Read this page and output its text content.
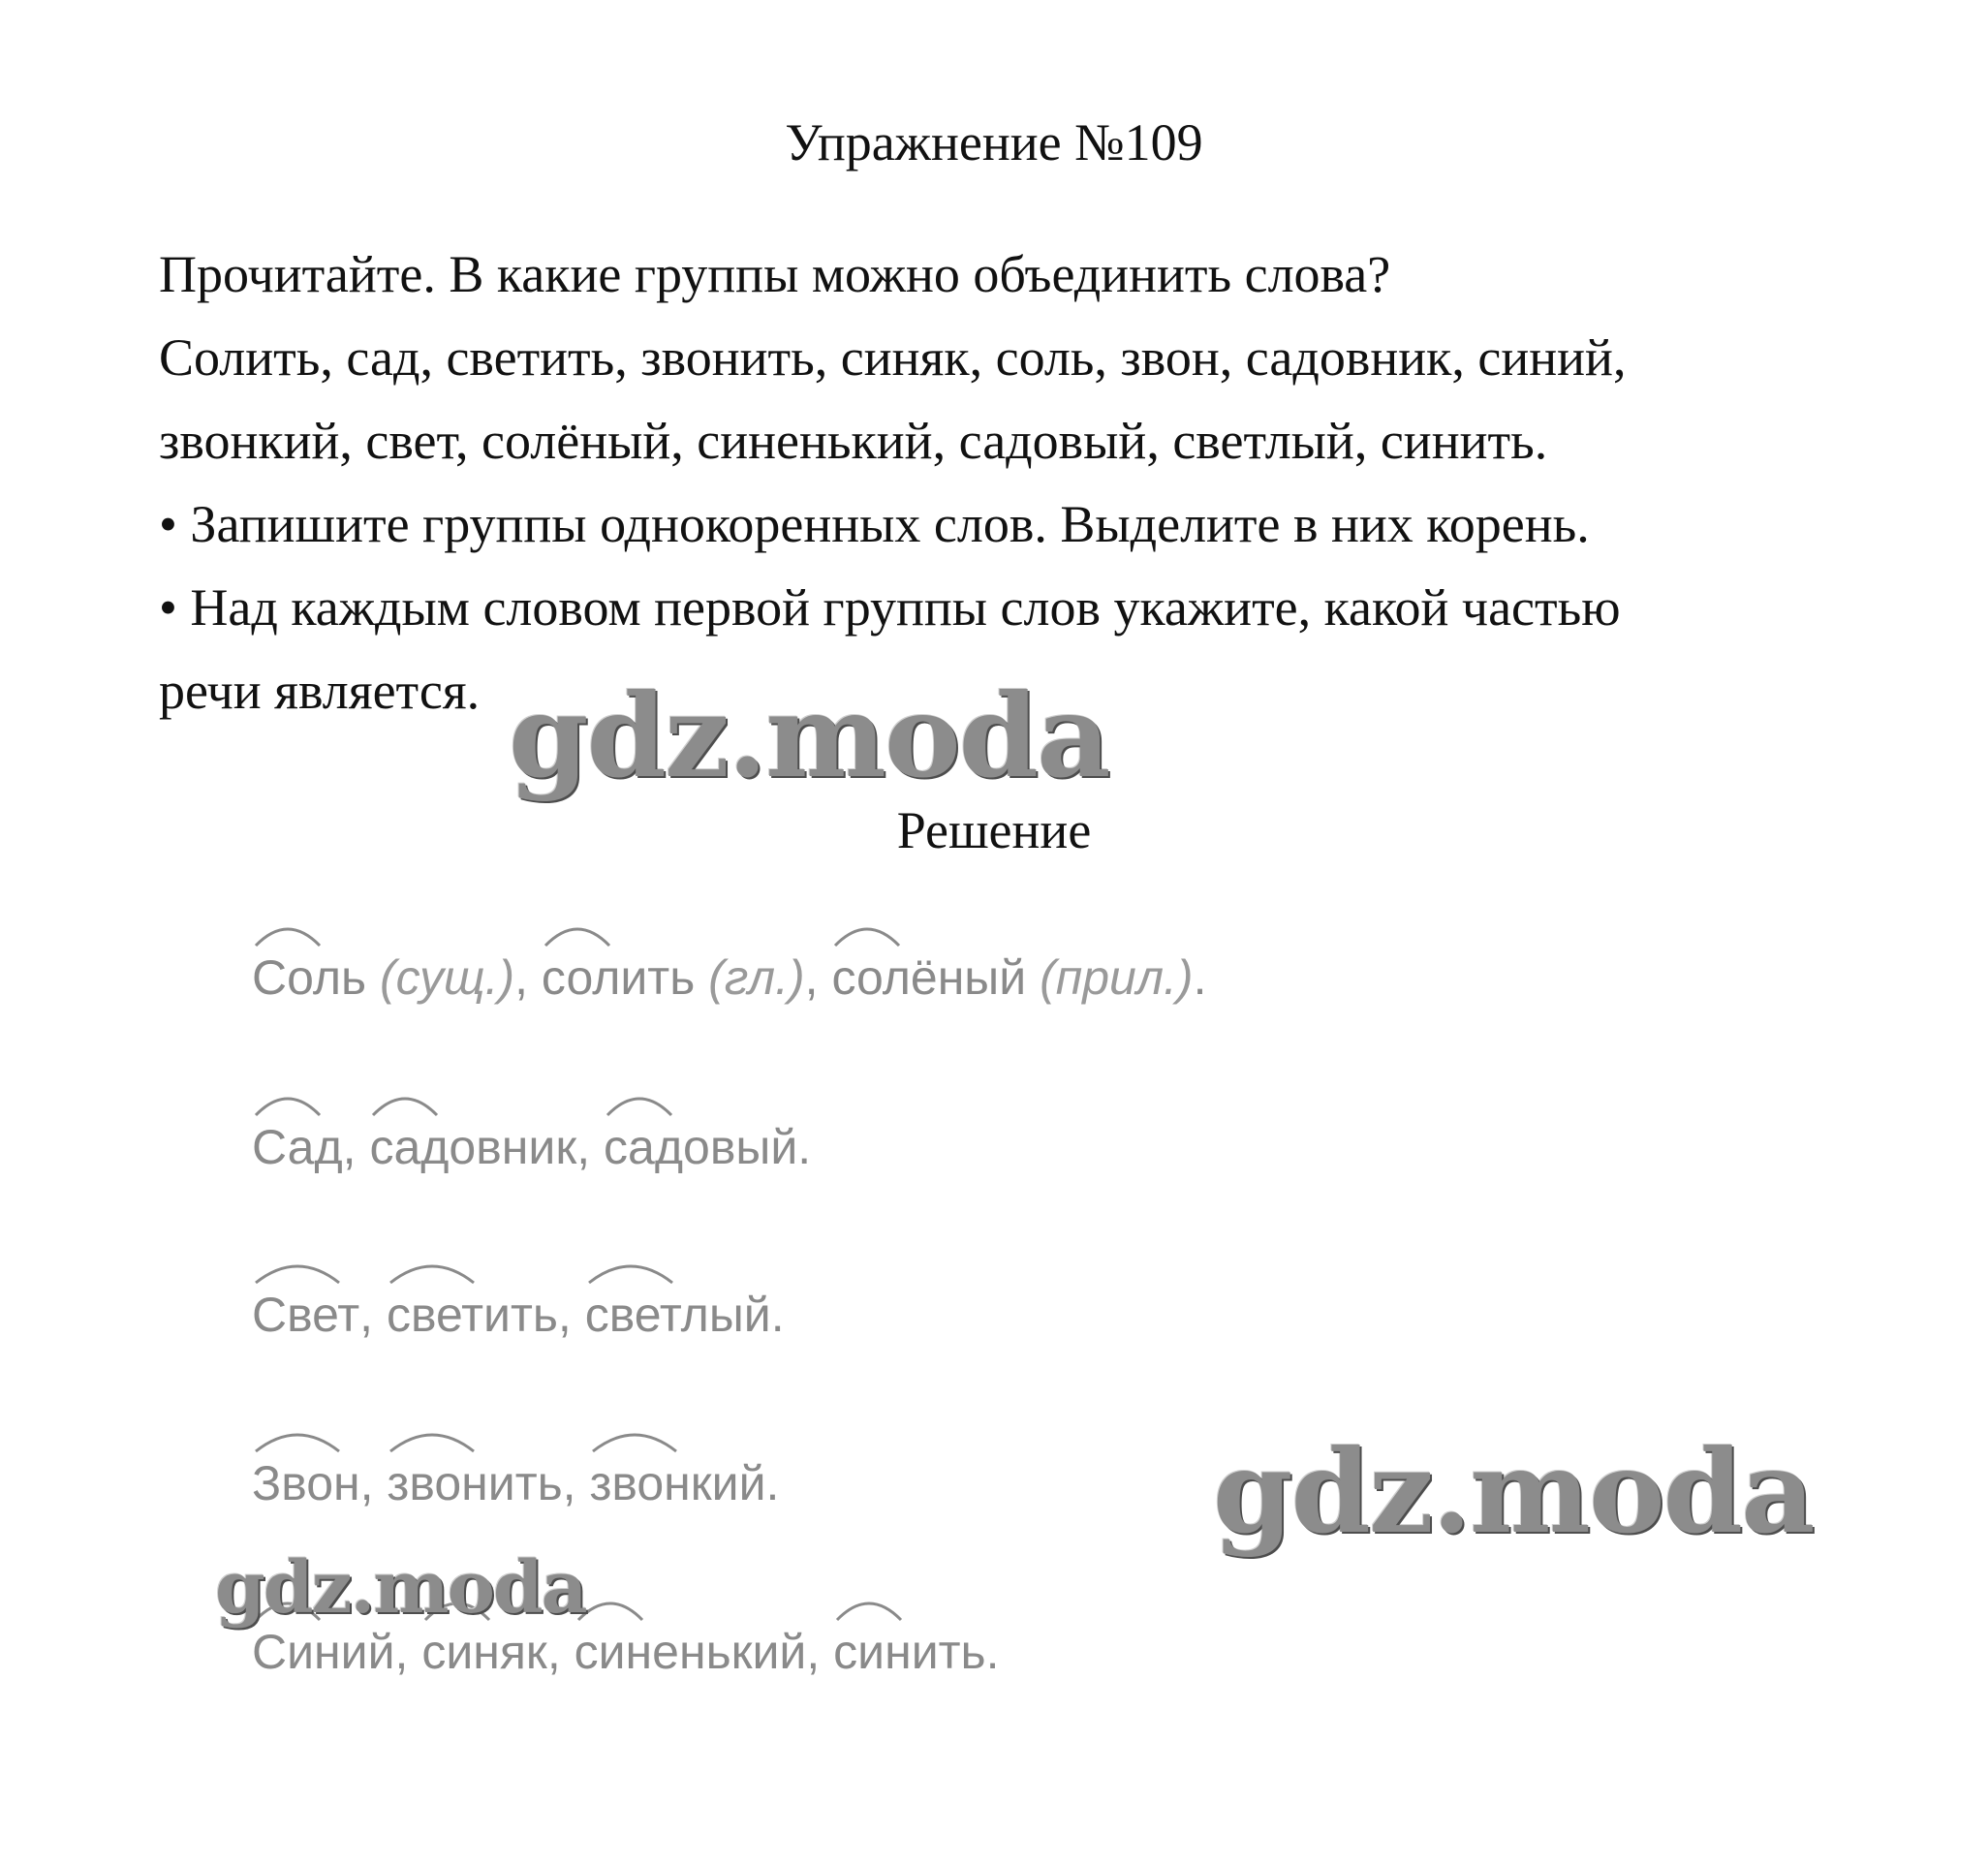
Упражнение №109

Прочитайте. В какие группы можно объединить слова?

Солить, сад, светить, звонить, синяк, соль, звон, садовник, синий,

звонкий, свет, солёный, синенький, садовый, светлый, синить.

• Запишите группы однокоренных слов. Выделите в них корень.

• Над каждым словом первой группы слов укажите, какой частью

речи является. gdz.moda
Решение
Соль
(сущ.), солить
(гл.), солёный
(прил.).
Сад
, садовник
, садовый
.
Свет
, светить
, светлый
.
Звон
, звонить
, звонкий
.
Синий
, синяк
, синенький
, синить
.
gdz.moda
gdz.moda
